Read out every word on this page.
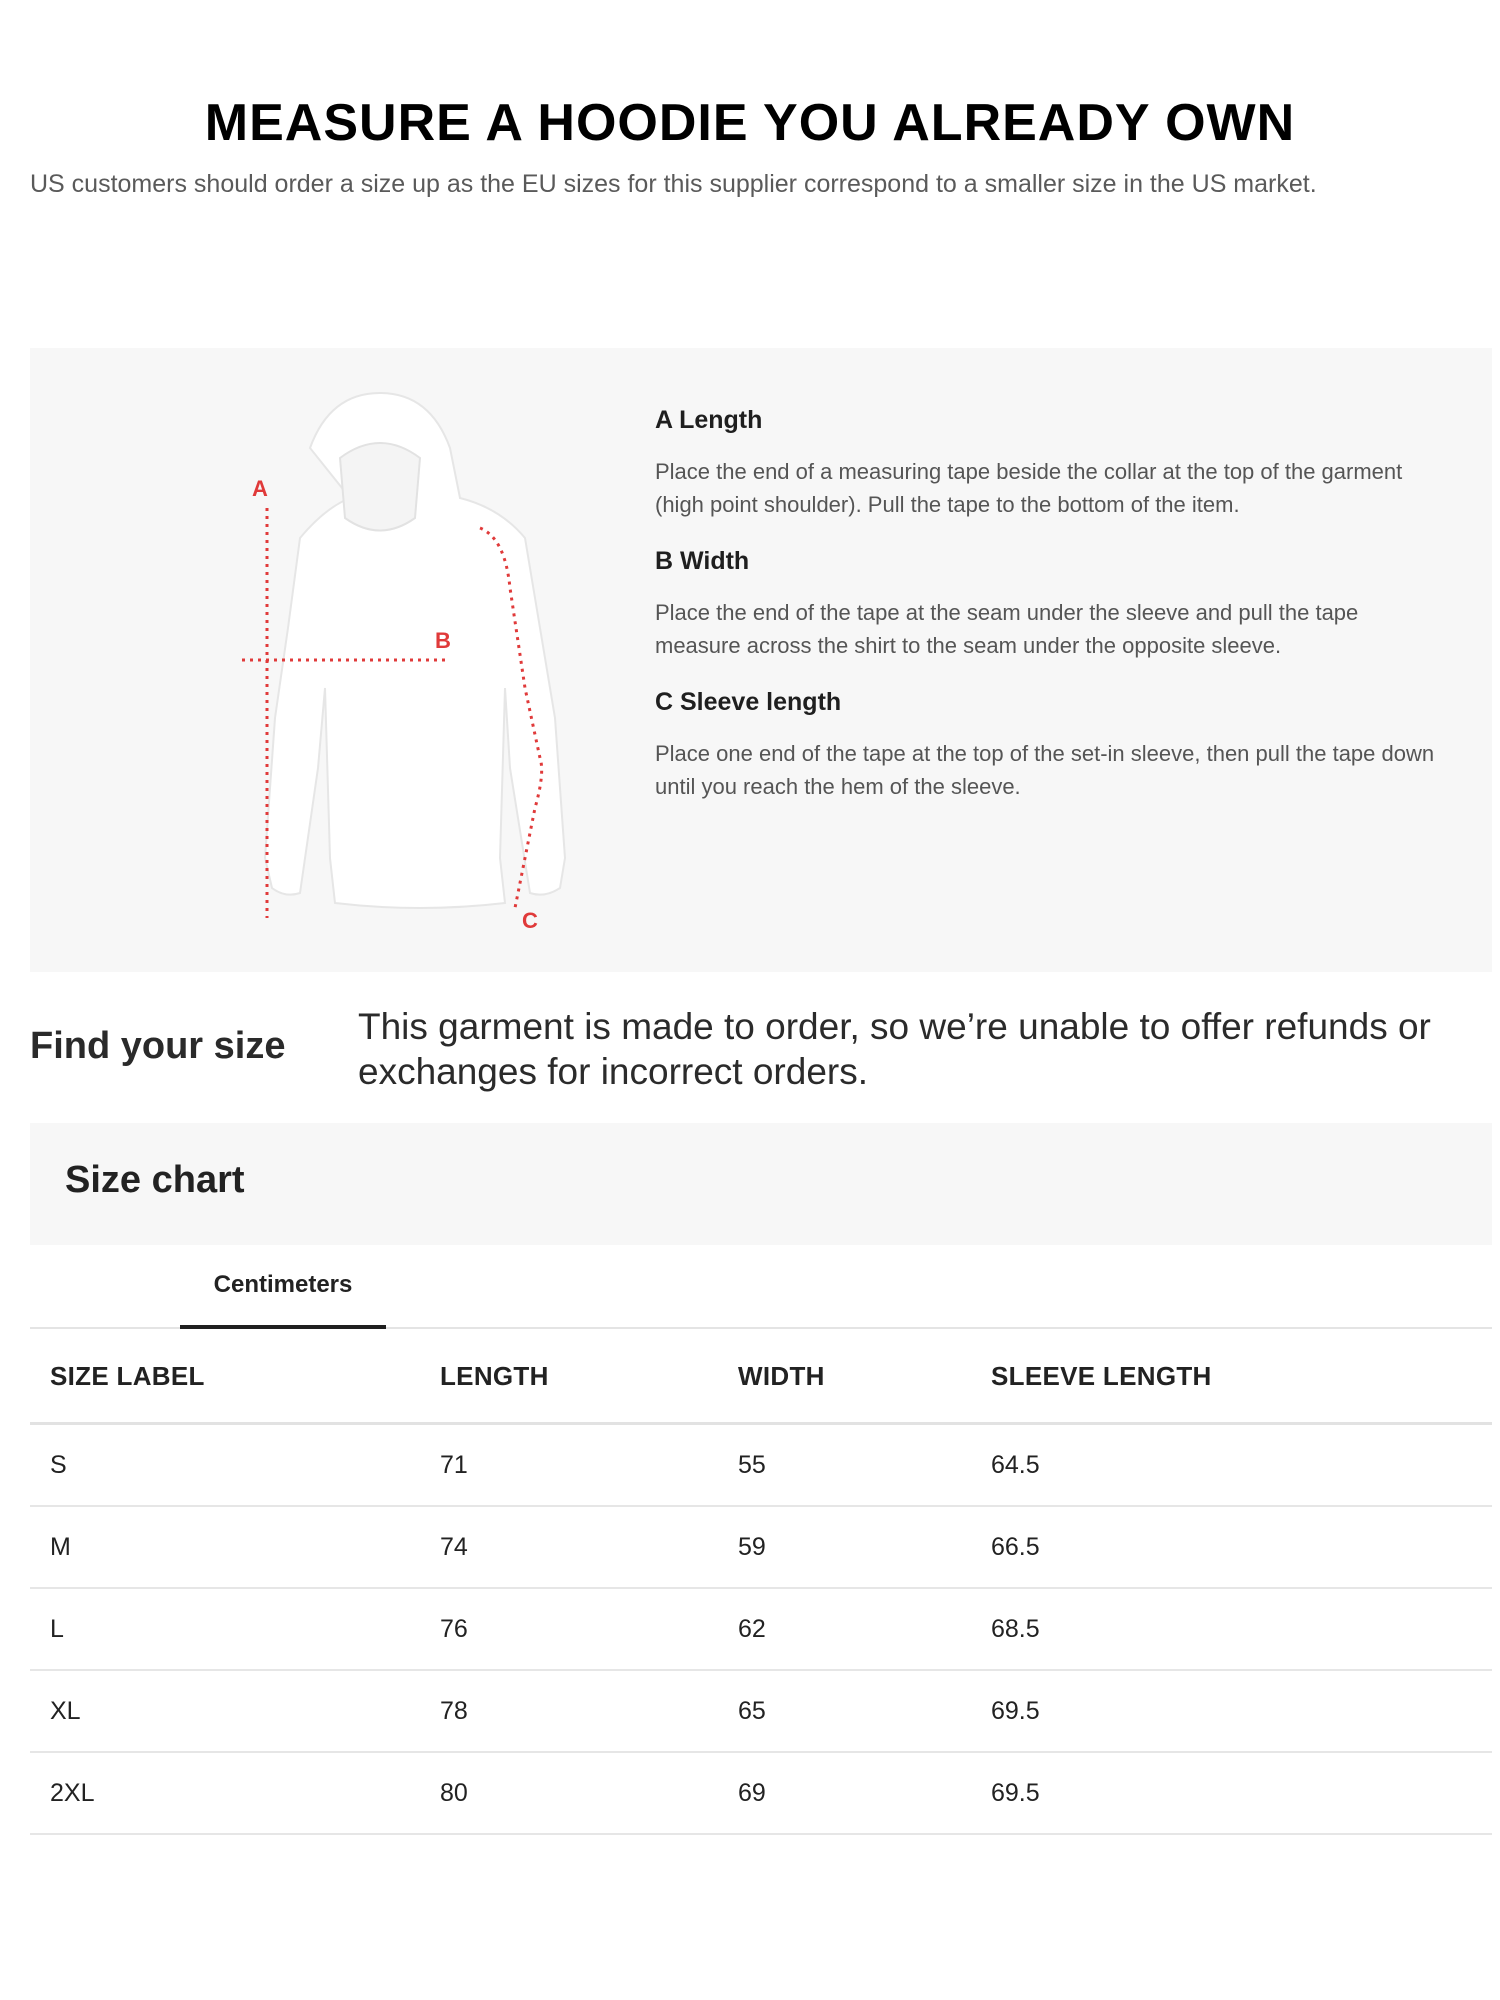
MEASURE A HOODIE YOU ALREADY OWN
US customers should order a size up as the EU sizes for this supplier correspond to a smaller size in the US market.
A
B
C
A Length
Place the end of a measuring tape beside the collar at the top of the garment (high point shoulder). Pull the tape to the bottom of the item.
B Width
Place the end of the tape at the seam under the sleeve and pull the tape measure across the shirt to the seam under the opposite sleeve.
C Sleeve length
Place one end of the tape at the top of the set-in sleeve, then pull the tape down until you reach the hem of the sleeve.
Find your size This garment is made to order, so we’re unable to offer refunds or exchanges for incorrect orders.
Size chart
Centimeters
SIZE LABEL	LENGTH	WIDTH	SLEEVE LENGTH
S	71	55	64.5
M	74	59	66.5
L	76	62	68.5
XL	78	65	69.5
2XL	80	69	69.5
